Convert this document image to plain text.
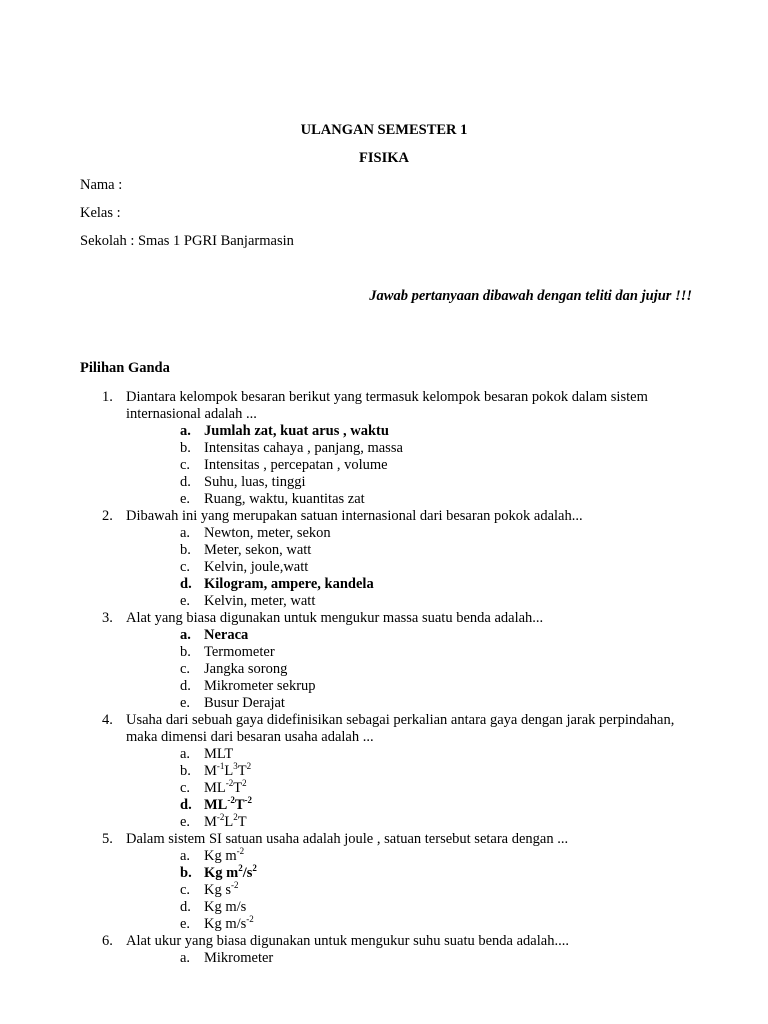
ULANGAN SEMESTER 1
FISIKA
Nama :
Kelas :
Sekolah : Smas 1 PGRI Banjarmasin
Jawab pertanyaan dibawah dengan teliti dan jujur !!!
Pilihan Ganda
1. Diantara kelompok besaran berikut yang termasuk kelompok besaran pokok dalam sistem internasional adalah ...
a. Jumlah zat, kuat arus , waktu
b. Intensitas cahaya , panjang, massa
c. Intensitas , percepatan , volume
d. Suhu, luas, tinggi
e. Ruang, waktu, kuantitas zat
2. Dibawah ini yang merupakan satuan internasional dari besaran pokok adalah...
a. Newton, meter, sekon
b. Meter, sekon, watt
c. Kelvin, joule,watt
d. Kilogram, ampere, kandela
e. Kelvin, meter, watt
3. Alat yang biasa digunakan untuk mengukur massa suatu benda adalah...
a. Neraca
b. Termometer
c. Jangka sorong
d. Mikrometer sekrup
e. Busur Derajat
4. Usaha dari sebuah gaya didefinisikan sebagai perkalian antara gaya dengan jarak perpindahan, maka dimensi dari besaran usaha adalah ...
a. MLT
b. $M^{-1}L^3T^2$
c. $ML^{-2}T^2$
d. $ML^{-2}T^{-2}$
e. $M^{-2}L^2T$
5. Dalam sistem SI satuan usaha adalah joule , satuan tersebut setara dengan ...
a. Kg $m^{-2}$
b. Kg $m^2/s^2$
c. Kg $s^{-2}$
d. Kg m/s
e. Kg $m/s^{-2}$
6. Alat ukur yang biasa digunakan untuk mengukur suhu suatu benda adalah....
a. Mikrometer
